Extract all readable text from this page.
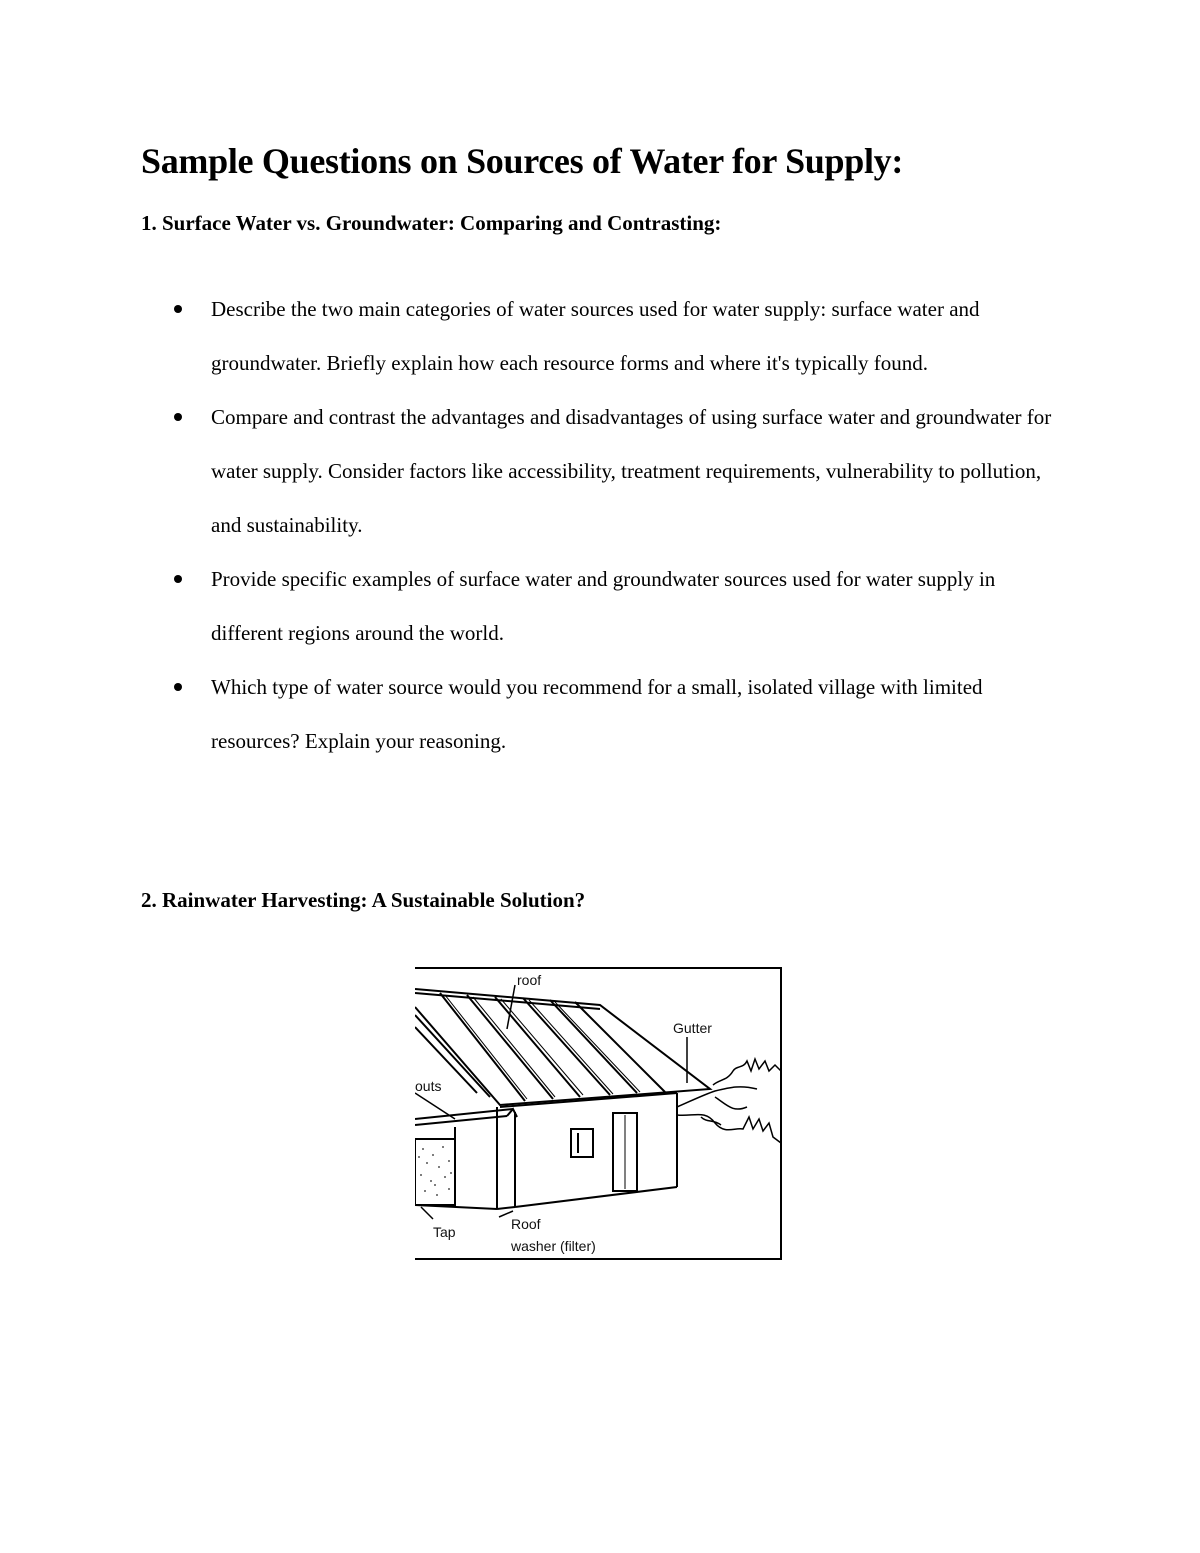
Sample Questions on Sources of Water for Supply:
1. Surface Water vs. Groundwater: Comparing and Contrasting:
Describe the two main categories of water sources used for water supply: surface water and groundwater. Briefly explain how each resource forms and where it's typically found.
Compare and contrast the advantages and disadvantages of using surface water and groundwater for water supply. Consider factors like accessibility, treatment requirements, vulnerability to pollution, and sustainability.
Provide specific examples of surface water and groundwater sources used for water supply in different regions around the world.
Which type of water source would you recommend for a small, isolated village with limited resources? Explain your reasoning.
2. Rainwater Harvesting: A Sustainable Solution?
roof
Gutter
outs
Tap	Roof
washer (filter)
